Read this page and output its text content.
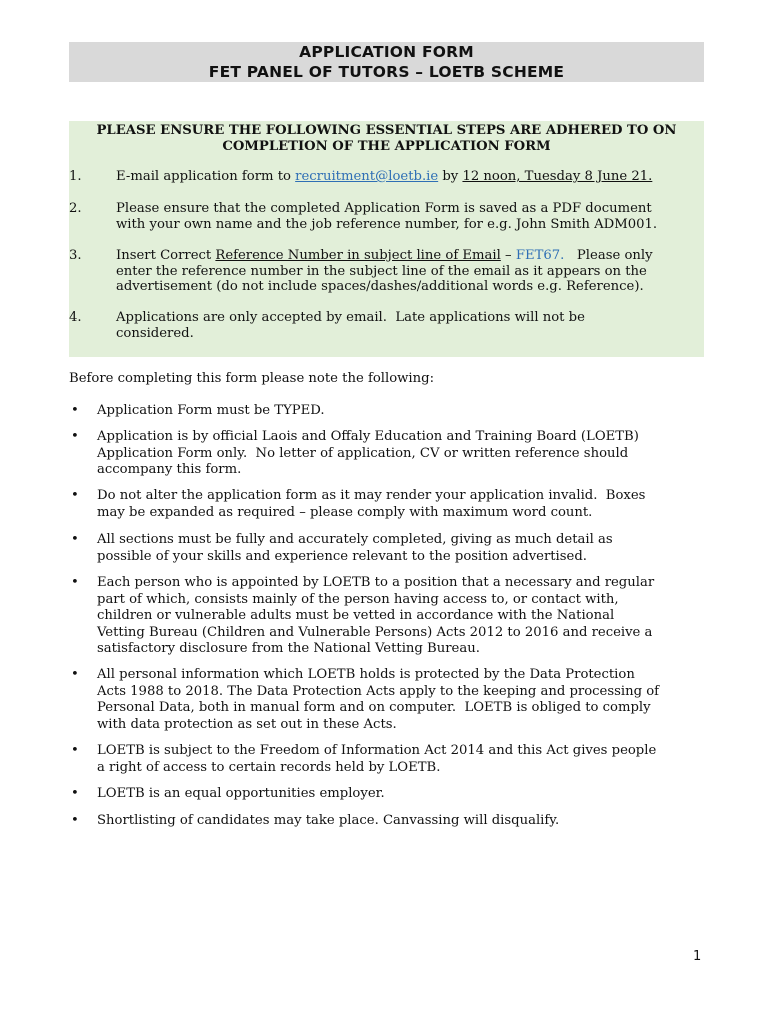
APPLICATION FORM
FET PANEL OF TUTORS – LOETB SCHEME
PLEASE ENSURE THE FOLLOWING ESSENTIAL STEPS ARE ADHERED TO ON
COMPLETION OF THE APPLICATION FORM
1.	E-mail application form to recruitment@loetb.ie by 12 noon, Tuesday 8 June 21.
2.	Please ensure that the completed Application Form is saved as a PDF document
with your own name and the job reference number, for e.g. John Smith ADM001.
3.	Insert Correct Reference Number in subject line of Email – FET67.   Please only
enter the reference number in the subject line of the email as it appears on the
advertisement (do not include spaces/dashes/additional words e.g. Reference).
4.	Applications are only accepted by email.  Late applications will not be
considered.
Before completing this form please note the following:
• Application Form must be TYPED.
• Application is by official Laois and Offaly Education and Training Board (LOETB)
Application Form only.  No letter of application, CV or written reference should
accompany this form.
• Do not alter the application form as it may render your application invalid.  Boxes
may be expanded as required – please comply with maximum word count.
• All sections must be fully and accurately completed, giving as much detail as
possible of your skills and experience relevant to the position advertised.
• Each person who is appointed by LOETB to a position that a necessary and regular
part of which, consists mainly of the person having access to, or contact with,
children or vulnerable adults must be vetted in accordance with the National
Vetting Bureau (Children and Vulnerable Persons) Acts 2012 to 2016 and receive a
satisfactory disclosure from the National Vetting Bureau.
• All personal information which LOETB holds is protected by the Data Protection
Acts 1988 to 2018. The Data Protection Acts apply to the keeping and processing of
Personal Data, both in manual form and on computer.  LOETB is obliged to comply
with data protection as set out in these Acts.
• LOETB is subject to the Freedom of Information Act 2014 and this Act gives people
a right of access to certain records held by LOETB.
• LOETB is an equal opportunities employer.
• Shortlisting of candidates may take place. Canvassing will disqualify.
1
